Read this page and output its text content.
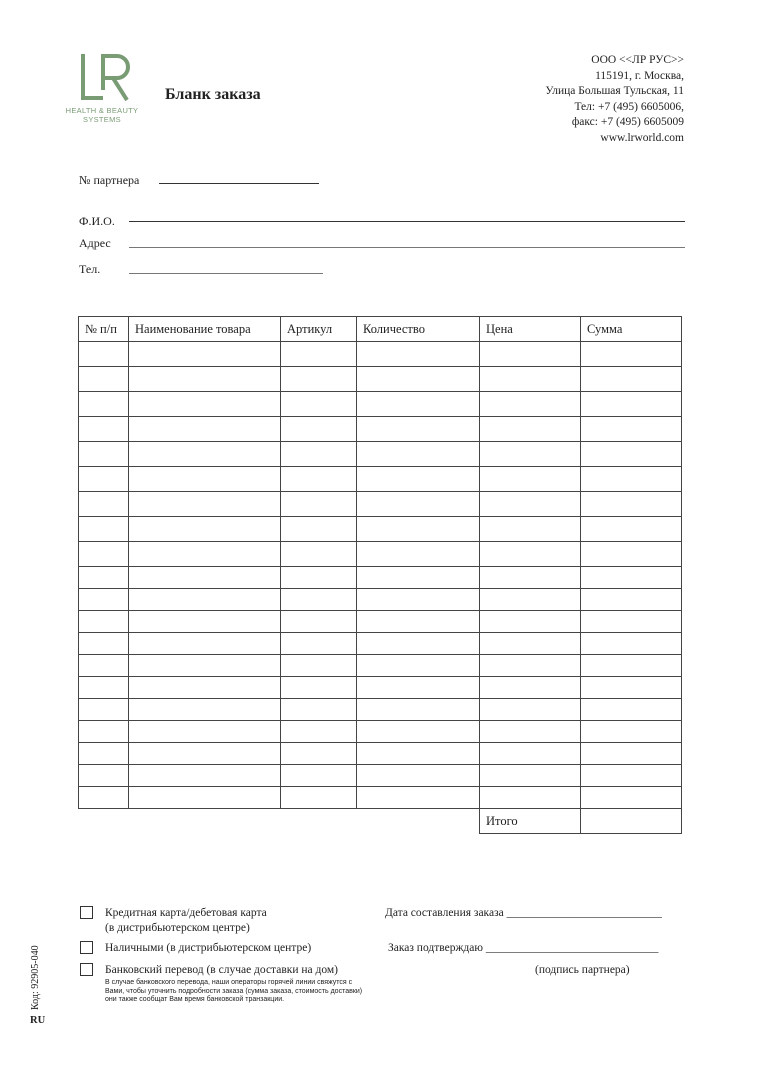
HEALTH & BEAUTY
SYSTEMS
Бланк заказа
ООО <<ЛР РУС>>
115191, г. Москва,
Улица Большая Тульская, 11
Тел: +7 (495) 6605006,
факс: +7 (495) 6605009
www.lrworld.com
№ партнера
Ф.И.О.
Адрес
Тел.
№ п/п	Наименование товара	Артикул	Количество	Цена	Сумма

				Итого	
Кредитная карта/дебетовая карта
(в дистрибьютерском центре)
Наличными (в дистрибьютерском центре)
Банковский перевод (в случае доставки на дом)
В случае банковского перевода, наши операторы горячей линии свяжутся с Вами, чтобы уточнить подробности заказа (сумма заказа, стоимость доставки) они также сообщат Вам время банковской транзакции.
Дата составления заказа ___________________________
Заказ подтверждаю ______________________________
(подпись партнера)
Код: 92905-040
RU
